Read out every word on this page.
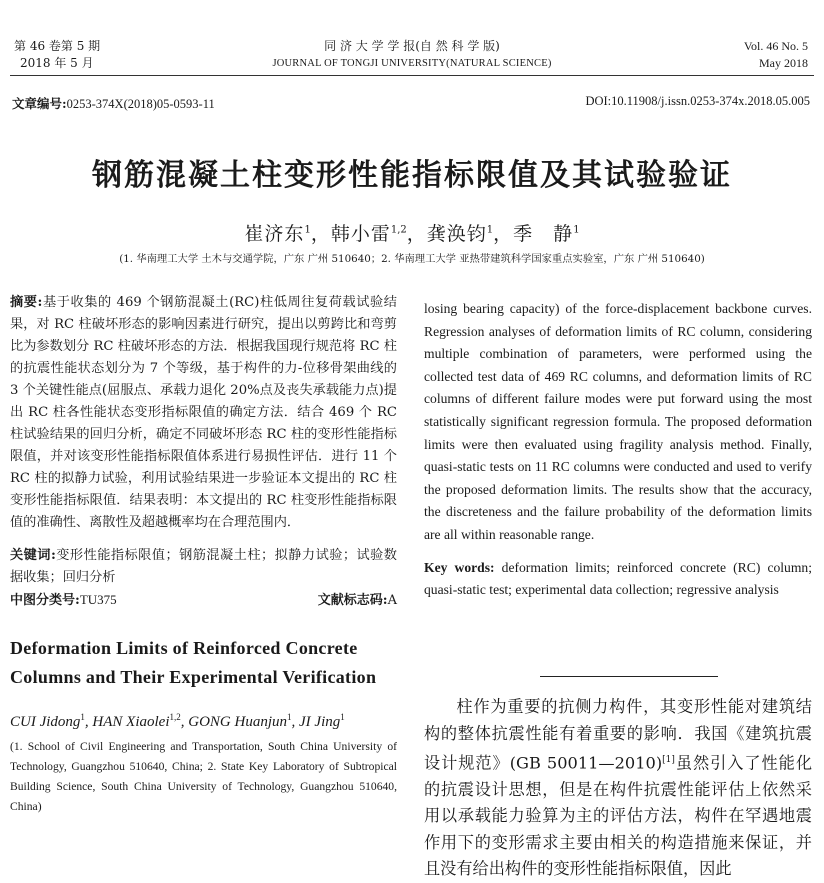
第 46 卷第 5 期
2018 年 5 月
同 济 大 学 学 报(自 然 科 学 版)
JOURNAL OF TONGJI UNIVERSITY(NATURAL SCIENCE)
Vol. 46 No. 5
May 2018
文章编号:0253-374X(2018)05-0593-11	DOI:10.11908/j.issn.0253-374x.2018.05.005
钢筋混凝土柱变形性能指标限值及其试验验证
崔济东$^1$，韩小雷$^{1,2}$，龚涣钧$^1$，季　静$^1$
(1. 华南理工大学 土木与交通学院，广东 广州 510640；2. 华南理工大学 亚热带建筑科学国家重点实验室，广东 广州 510640)

摘要:基于收集的 469 个钢筋混凝土(RC)柱低周往复荷载试验结果，对 RC 柱破坏形态的影响因素进行研究，提出以剪跨比和弯剪比为参数划分 RC 柱破坏形态的方法．根据我国现行规范将 RC 柱的抗震性能状态划分为 7 个等级，基于构件的力-位移骨架曲线的 3 个关键性能点(屈服点、承载力退化 20%点及丧失承载能力点)提出 RC 柱各性能状态变形指标限值的确定方法．结合 469 个 RC 柱试验结果的回归分析，确定不同破坏形态 RC 柱的变形性能指标限值，并对该变形性能指标限值体系进行易损性评估．进行 11 个 RC 柱的拟静力试验，利用试验结果进一步验证本文提出的 RC 柱变形性能指标限值．结果表明：本文提出的 RC 柱变形性能指标限值的准确性、离散性及超越概率均在合理范围内．

关键词:变形性能指标限值；钢筋混凝土柱；拟静力试验；试验数据收集；回归分析

中图分类号:TU375	文献标志码:A
Deformation Limits of Reinforced Concrete Columns and Their Experimental Verification
CUI Jidong$^1$, HAN Xiaolei$^{1,2}$, GONG Huanjun$^1$, JI Jing$^1$

(1. School of Civil Engineering and Transportation, South China University of Technology, Guangzhou 510640, China; 2. State Key Laboratory of Subtropical Building Science, South China University of Technology, Guangzhou 510640, China)

losing bearing capacity) of the force-displacement backbone curves. Regression analyses of deformation limits of RC column, considering multiple combination of parameters, were performed using the collected test data of 469 RC columns, and deformation limits of RC columns of different failure modes were put forward using the most statistically significant regression formula. The proposed deformation limits were then evaluated using fragility analysis method. Finally, quasi-static tests on 11 RC columns were conducted and used to verify the proposed deformation limits. The results show that the accuracy, the discreteness and the failure probability of the deformation limits are all within reasonable range.

Key words: deformation limits; reinforced concrete (RC) column; quasi-static test; experimental data collection; regressive analysis

柱作为重要的抗侧力构件，其变形性能对建筑结构的整体抗震性能有着重要的影响．我国《建筑抗震设计规范》(GB 50011—2010)[1]虽然引入了性能化的抗震设计思想，但是在构件抗震性能评估上依然采用以承载能力验算为主的评估方法，构件在罕遇地震作用下的变形需求主要由相关的构造措施来保证，并且没有给出构件的变形性能指标限值，因此
